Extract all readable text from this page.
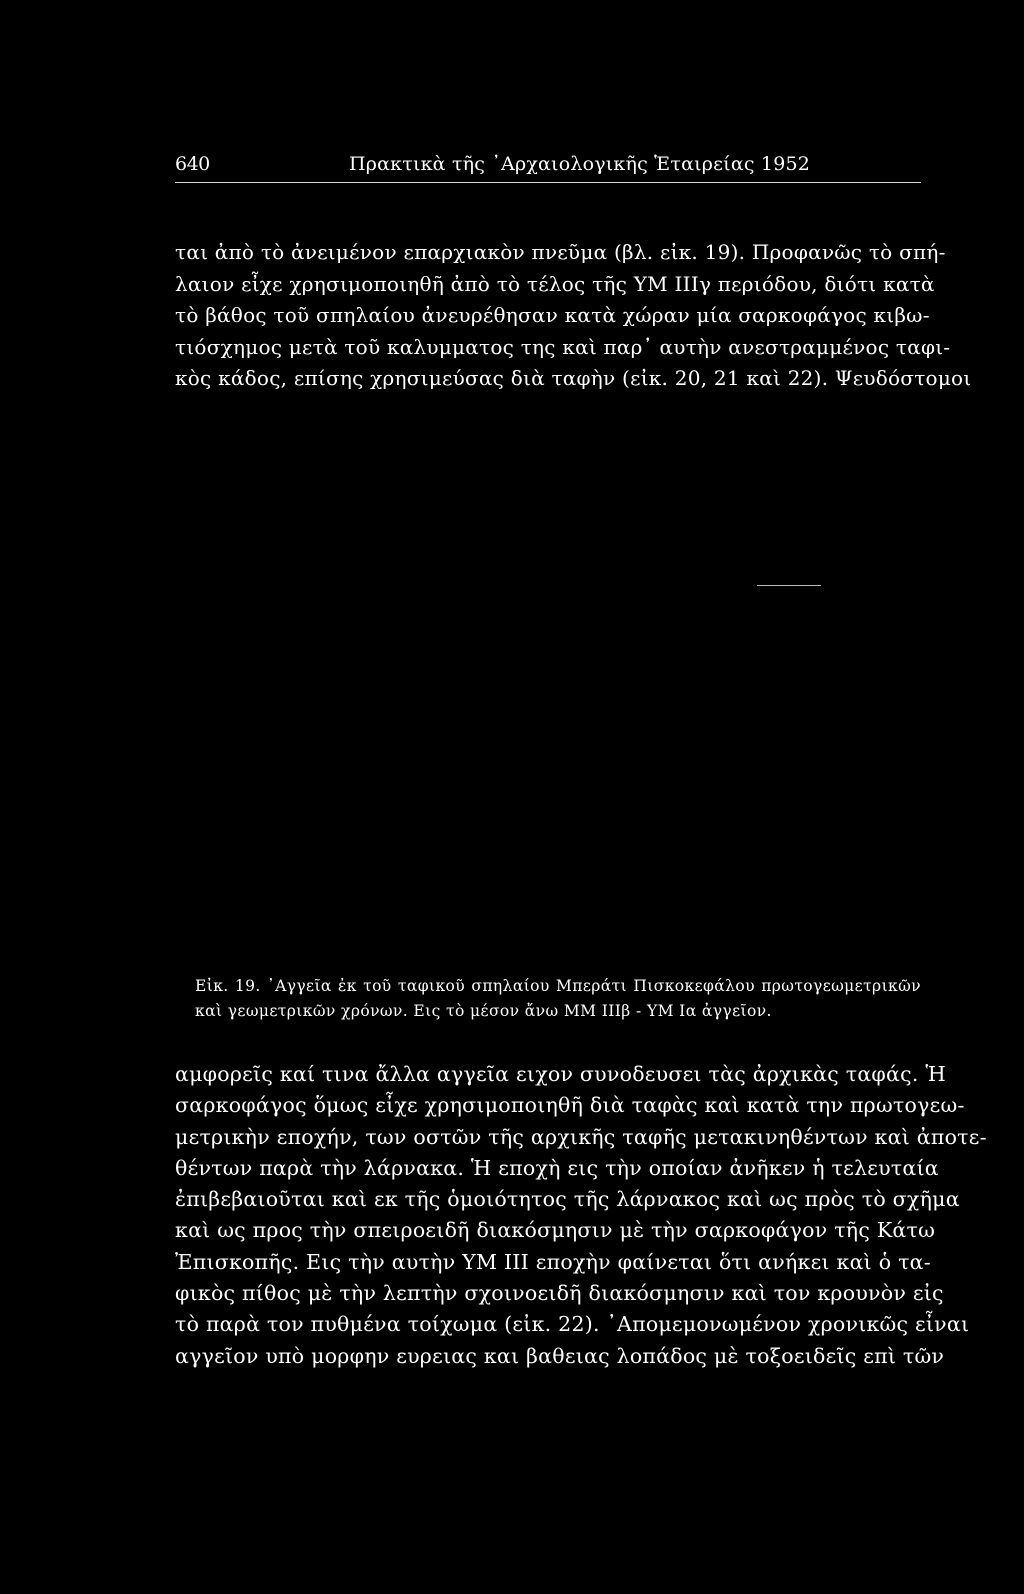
640	Πρακτικὰ τῆς ᾿Αρχαιολογικῆς Ἑταιρείας 1952
ται ἀπὸ τὸ ἀνειμένον επαρχιακὸν πνεῦμα (βλ. εἰκ. 19). Προφανῶς τὸ σπή-
λαιον εἶχε χρησιμοποιηθῆ ἀπὸ τὸ τέλος τῆς ΥΜ ΙΙΙγ περιόδου, διότι κατὰ
τὸ βάθος τοῦ σπηλαίου ἀνευρέθησαν κατὰ χώραν μία σαρκοφάγος κιβω-
τιόσχημος μετὰ τοῦ καλυμματος της καὶ παρ᾿ αυτὴν ανεστραμμένος ταφι-
κὸς κάδος, επίσης χρησιμεύσας διὰ ταφὴν (εἰκ. 20, 21 καὶ 22). Ψευδόστομοι
Εἰκ. 19. ᾿Αγγεῖα ἐκ τοῦ ταφικοῦ σπηλαίου Μπεράτι Πισκοκεφάλου πρωτογεωμετρικῶν
καὶ γεωμετρικῶν χρόνων. Εις τὸ μέσον ἄνω ΜΜ ΙΙΙβ - ΥΜ Ια ἀγγεῖον.
αμφορεῖς καί τινα ἄλλα αγγεῖα ειχον συνοδευσει τὰς ἀρχικὰς ταφάς. Ἡ
σαρκοφάγος ὅμως εἶχε χρησιμοποιηθῆ διὰ ταφὰς καὶ κατὰ την πρωτογεω-
μετρικὴν εποχήν, των οστῶν τῆς αρχικῆς ταφῆς μετακινηθέντων καὶ ἀποτε-
θέντων παρὰ τὴν λάρνακα. Ἡ εποχὴ εις τὴν οποίαν ἀνῆκεν ἡ τελευταία
ἐπιβεβαιοῦται καὶ εκ τῆς ὁμοιότητος τῆς λάρνακος καὶ ως πρὸς τὸ σχῆμα
καὶ ως προς τὴν σπειροειδῆ διακόσμησιν μὲ τὴν σαρκοφάγον τῆς Κάτω
Ἐπισκοπῆς. Εις τὴν αυτὴν ΥΜ ΙΙΙ εποχὴν φαίνεται ὅτι ανήκει καὶ ὁ τα-
φικὸς πίθος μὲ τὴν λεπτὴν σχοινοειδῆ διακόσμησιν καὶ τον κρουνὸν εἰς
τὸ παρὰ τον πυθμένα τοίχωμα (εἰκ. 22). ᾿Απομεμονωμένον χρονικῶς εἶναι
αγγεῖον υπὸ μορφην ευρειας και βαθειας λοπάδος μὲ τοξοειδεῖς επὶ τῶν
